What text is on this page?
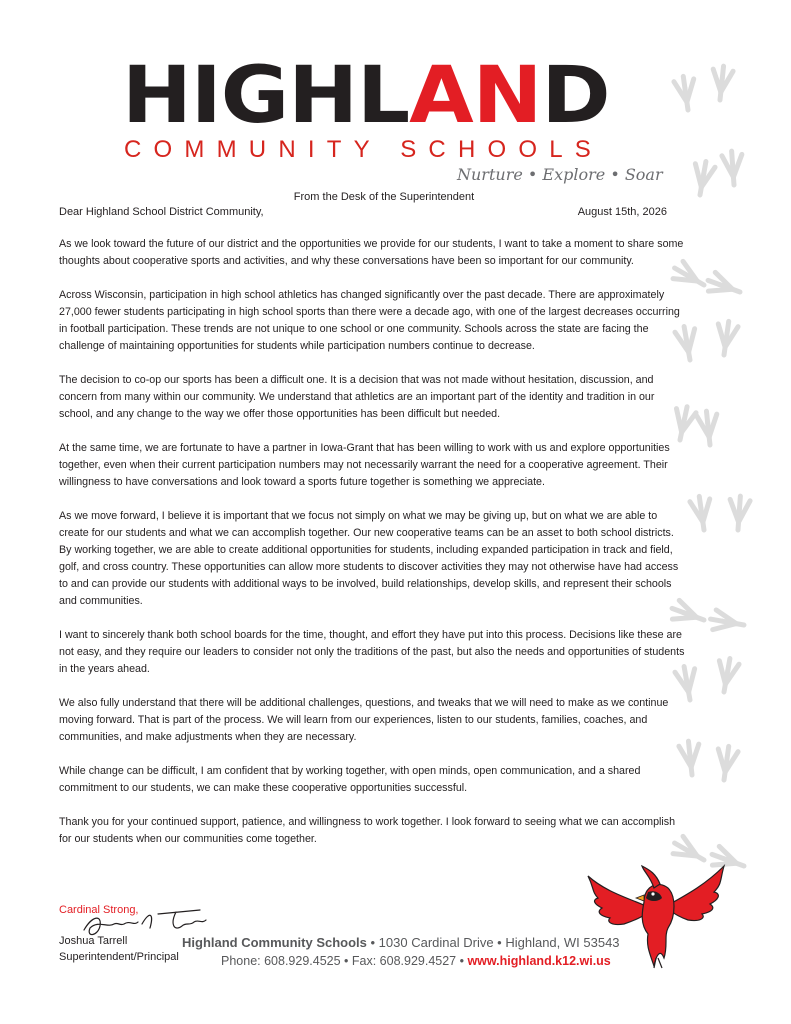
HIGHLAND
COMMUNITY SCHOOLS
Nurture • Explore • Soar
From the Desk of the Superintendent
Dear Highland School District Community,	August 15th, 2026

As we look toward the future of our district and the opportunities we provide for our students, I want to take a moment to share some thoughts about cooperative sports and activities, and why these conversations have been so important for our community.

Across Wisconsin, participation in high school athletics has changed significantly over the past decade. There are approximately 27,000 fewer students participating in high school sports than there were a decade ago, with one of the largest decreases occurring in football participation. These trends are not unique to one school or one community. Schools across the state are facing the challenge of maintaining opportunities for students while participation numbers continue to decrease.

The decision to co-op our sports has been a difficult one. It is a decision that was not made without hesitation, discussion, and concern from many within our community. We understand that athletics are an important part of the identity and tradition in our school, and any change to the way we offer those opportunities has been difficult but needed.

At the same time, we are fortunate to have a partner in Iowa-Grant that has been willing to work with us and explore opportunities together, even when their current participation numbers may not necessarily warrant the need for a cooperative agreement. Their willingness to have conversations and look toward a sports future together is something we appreciate.

As we move forward, I believe it is important that we focus not simply on what we may be giving up, but on what we are able to create for our students and what we can accomplish together. Our new cooperative teams can be an asset to both school districts. By working together, we are able to create additional opportunities for students, including expanded participation in track and field, golf, and cross country. These opportunities can allow more students to discover activities they may not otherwise have had access to and can provide our students with additional ways to be involved, build relationships, develop skills, and represent their schools and communities.

I want to sincerely thank both school boards for the time, thought, and effort they have put into this process. Decisions like these are not easy, and they require our leaders to consider not only the traditions of the past, but also the needs and opportunities of students in the years ahead.

We also fully understand that there will be additional challenges, questions, and tweaks that we will need to make as we continue moving forward. That is part of the process. We will learn from our experiences, listen to our students, families, coaches, and communities, and make adjustments when they are necessary.

While change can be difficult, I am confident that by working together, with open minds, open communication, and a shared commitment to our students, we can make these cooperative opportunities successful.

Thank you for your continued support, patience, and willingness to work together. I look forward to seeing what we can accomplish for our students when our communities come together.

Cardinal Strong,
Joshua Tarrell
Superintendent/Principal
Highland Community Schools • 1030 Cardinal Drive • Highland, WI 53543
Phone: 608.929.4525 • Fax: 608.929.4527 • www.highland.k12.wi.us
